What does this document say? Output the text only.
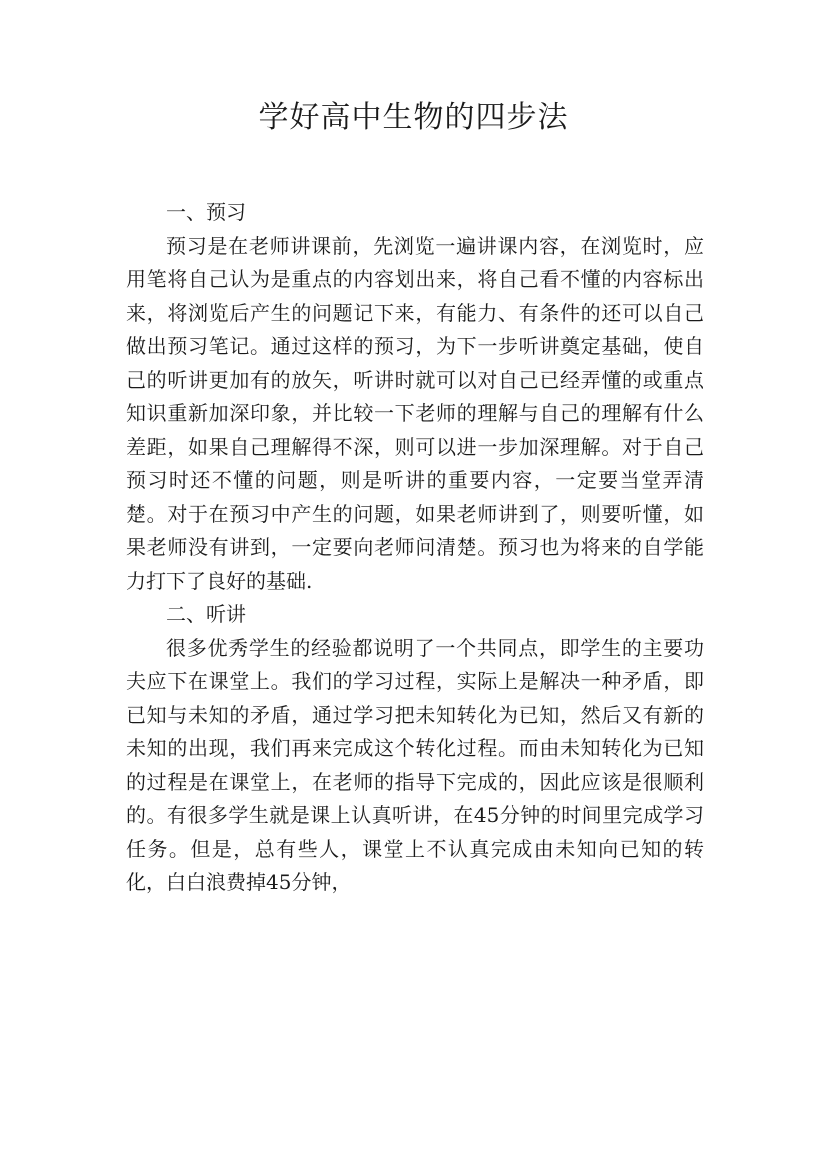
学好高中生物的四步法

一、预习

预习是在老师讲课前，先浏览一遍讲课内容，在浏览时，应用笔将自己认为是重点的内容划出来，将自己看不懂的内容标出来，将浏览后产生的问题记下来，有能力、有条件的还可以自己做出预习笔记。通过这样的预习，为下一步听讲奠定基础，使自己的听讲更加有的放矢，听讲时就可以对自己已经弄懂的或重点知识重新加深印象，并比较一下老师的理解与自己的理解有什么差距，如果自己理解得不深，则可以进一步加深理解。对于自己预习时还不懂的问题，则是听讲的重要内容，一定要当堂弄清楚。对于在预习中产生的问题，如果老师讲到了，则要听懂，如果老师没有讲到，一定要向老师问清楚。预习也为将来的自学能力打下了良好的基础.

二、听讲

很多优秀学生的经验都说明了一个共同点，即学生的主要功夫应下在课堂上。我们的学习过程，实际上是解决一种矛盾，即已知与未知的矛盾，通过学习把未知转化为已知，然后又有新的未知的出现，我们再来完成这个转化过程。而由未知转化为已知的过程是在课堂上，在老师的指导下完成的，因此应该是很顺利的。有很多学生就是课上认真听讲，在45分钟的时间里完成学习任务。但是，总有些人，课堂上不认真完成由未知向已知的转化，白白浪费掉45分钟，
